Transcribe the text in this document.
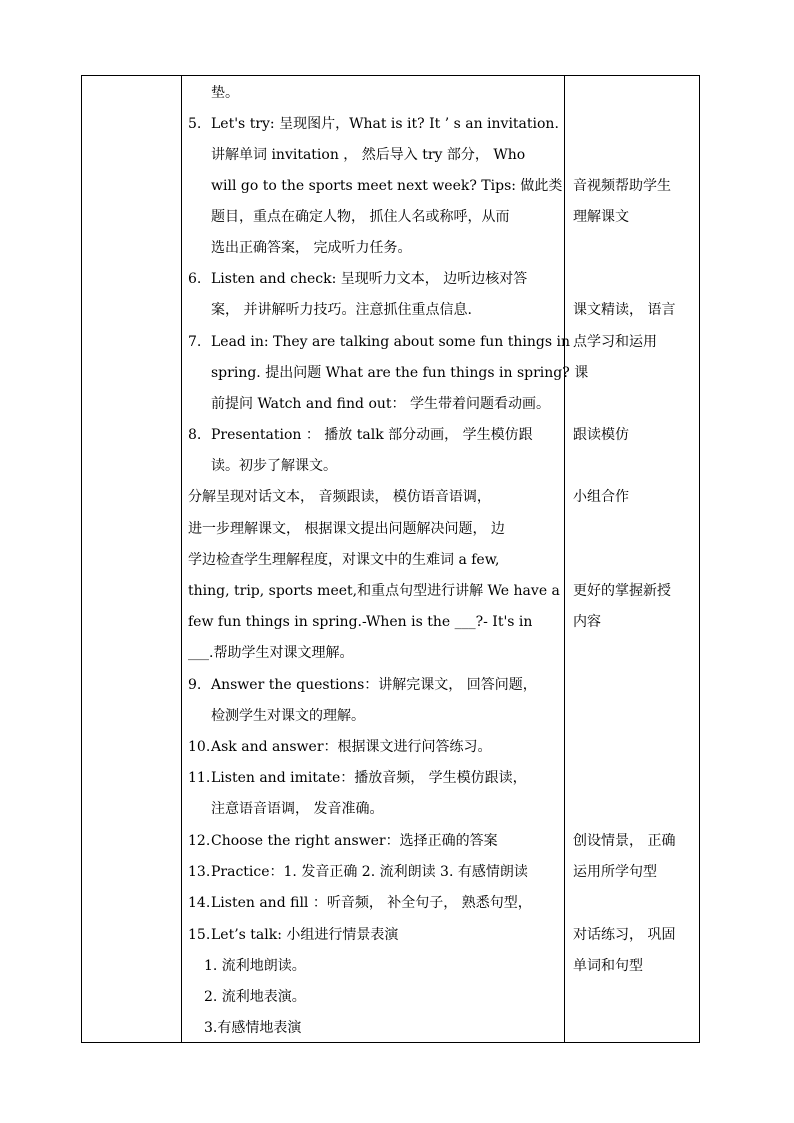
垫。
5. Let's try: 呈现图片，What is it? It ’ s an invitation.
讲解单词 invitation ， 然后导入 try 部分， Who
will go to the sports meet next week? Tips: 做此类
题目，重点在确定人物， 抓住人名或称呼，从而
选出正确答案， 完成听力任务。
6. Listen and check: 呈现听力文本， 边听边核对答
案， 并讲解听力技巧。注意抓住重点信息.
7. Lead in: They are talking about some fun things in
spring. 提出问题 What are the fun things in spring? 课
前提问 Watch and find out： 学生带着问题看动画。
8. Presentation ： 播放 talk 部分动画， 学生模仿跟
读。初步了解课文。
分解呈现对话文本， 音频跟读， 模仿语音语调，
进一步理解课文， 根据课文提出问题解决问题， 边
学边检查学生理解程度，对课文中的生难词 a few,
thing, trip, sports meet,和重点句型进行讲解 We have a
few fun things in spring.-When is the ___?- It's in
___.帮助学生对课文理解。
9. Answer the questions：讲解完课文， 回答问题，
检测学生对课文的理解。
10. Ask and answer：根据课文进行问答练习。
11. Listen and imitate：播放音频， 学生模仿跟读，
注意语音语调， 发音准确。
12. Choose the right answer：选择正确的答案
13. Practice：1. 发音正确 2. 流利朗读 3. 有感情朗读
14. Listen and fill ：听音频， 补全句子， 熟悉句型，
15. Let’s talk: 小组进行情景表演
1. 流利地朗读。
2. 流利地表演。
3.有感情地表演
音视频帮助学生
理解课文
课文精读， 语言
点学习和运用
跟读模仿
小组合作
更好的掌握新授
内容
创设情景， 正确
运用所学句型
对话练习， 巩固
单词和句型
